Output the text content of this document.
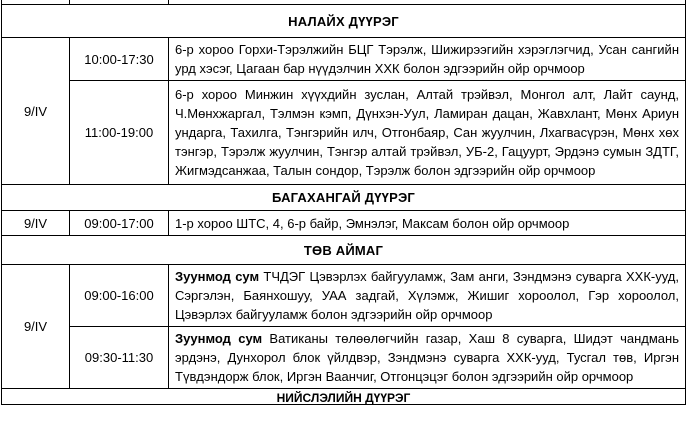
НАЛАЙХ ДҮҮРЭГ		
9/IV	10:00-17:30	6-р хороо Горхи-Тэрэлжийн БЦГ Тэрэлж, Шижирээгийн хэрэглэгчид, Усан сангийн урд хэсэг, Цагаан бар нүүдэлчин ХХК болон эдгээрийн ойр орчмоор
	11:00-19:00	6-р хороо Минжин хүүхдийн зуслан, Алтай трэйвэл, Монгол алт, Лайт саунд, Ч.Мөнхжаргал, Тэлмэн кэмп, Дүнхэн-Уул, Ламиран дацан, Жавхлант, Мөнх Ариун ундарга, Тахилга, Тэнгэрийн илч, Отгонбаяр, Сан жуулчин, Лхагвасүрэн, Мөнх хөх тэнгэр, Тэрэлж жуулчин, Тэнгэр алтай трэйвэл, УБ-2, Гацуурт, Эрдэнэ сумын ЗДТГ, Жигмэдсанжаа, Талын сондор, Тэрэлж болон эдгээрийн ойр орчмоор
БАГАХАНГАЙ ДҮҮРЭГ		
9/IV	09:00-17:00	1-р хороо ШТС, 4, 6-р байр, Эмнэлэг, Максам болон ойр орчмоор
ТӨВ АЙМАГ		
9/IV	09:00-16:00	Зуунмод сум ТЧДЭГ Цэвэрлэх байгууламж, Зам анги, Зэндмэнэ суварга ХХК-ууд, Сэргэлэн, Баянхошуу, УАА задгай, Хүлэмж, Жишиг хороолол, Гэр хороолол, Цэвэрлэх байгууламж болон эдгээрийн ойр орчмоор
	09:30-11:30	Зуунмод сум Ватиканы төлөөлөгчийн газар, Хаш 8 суварга, Шидэт чандмань эрдэнэ, Дунхорол блок үйлдвэр, Зэндмэнэ суварга ХХК-ууд, Тусгал төв, Иргэн Түвдэндорж блок, Иргэн Ваанчиг, Отгонцэцэг болон эдгээрийн ойр орчмоор

НИЙСЛЭЛИЙН ДҮҮРЭГ		
